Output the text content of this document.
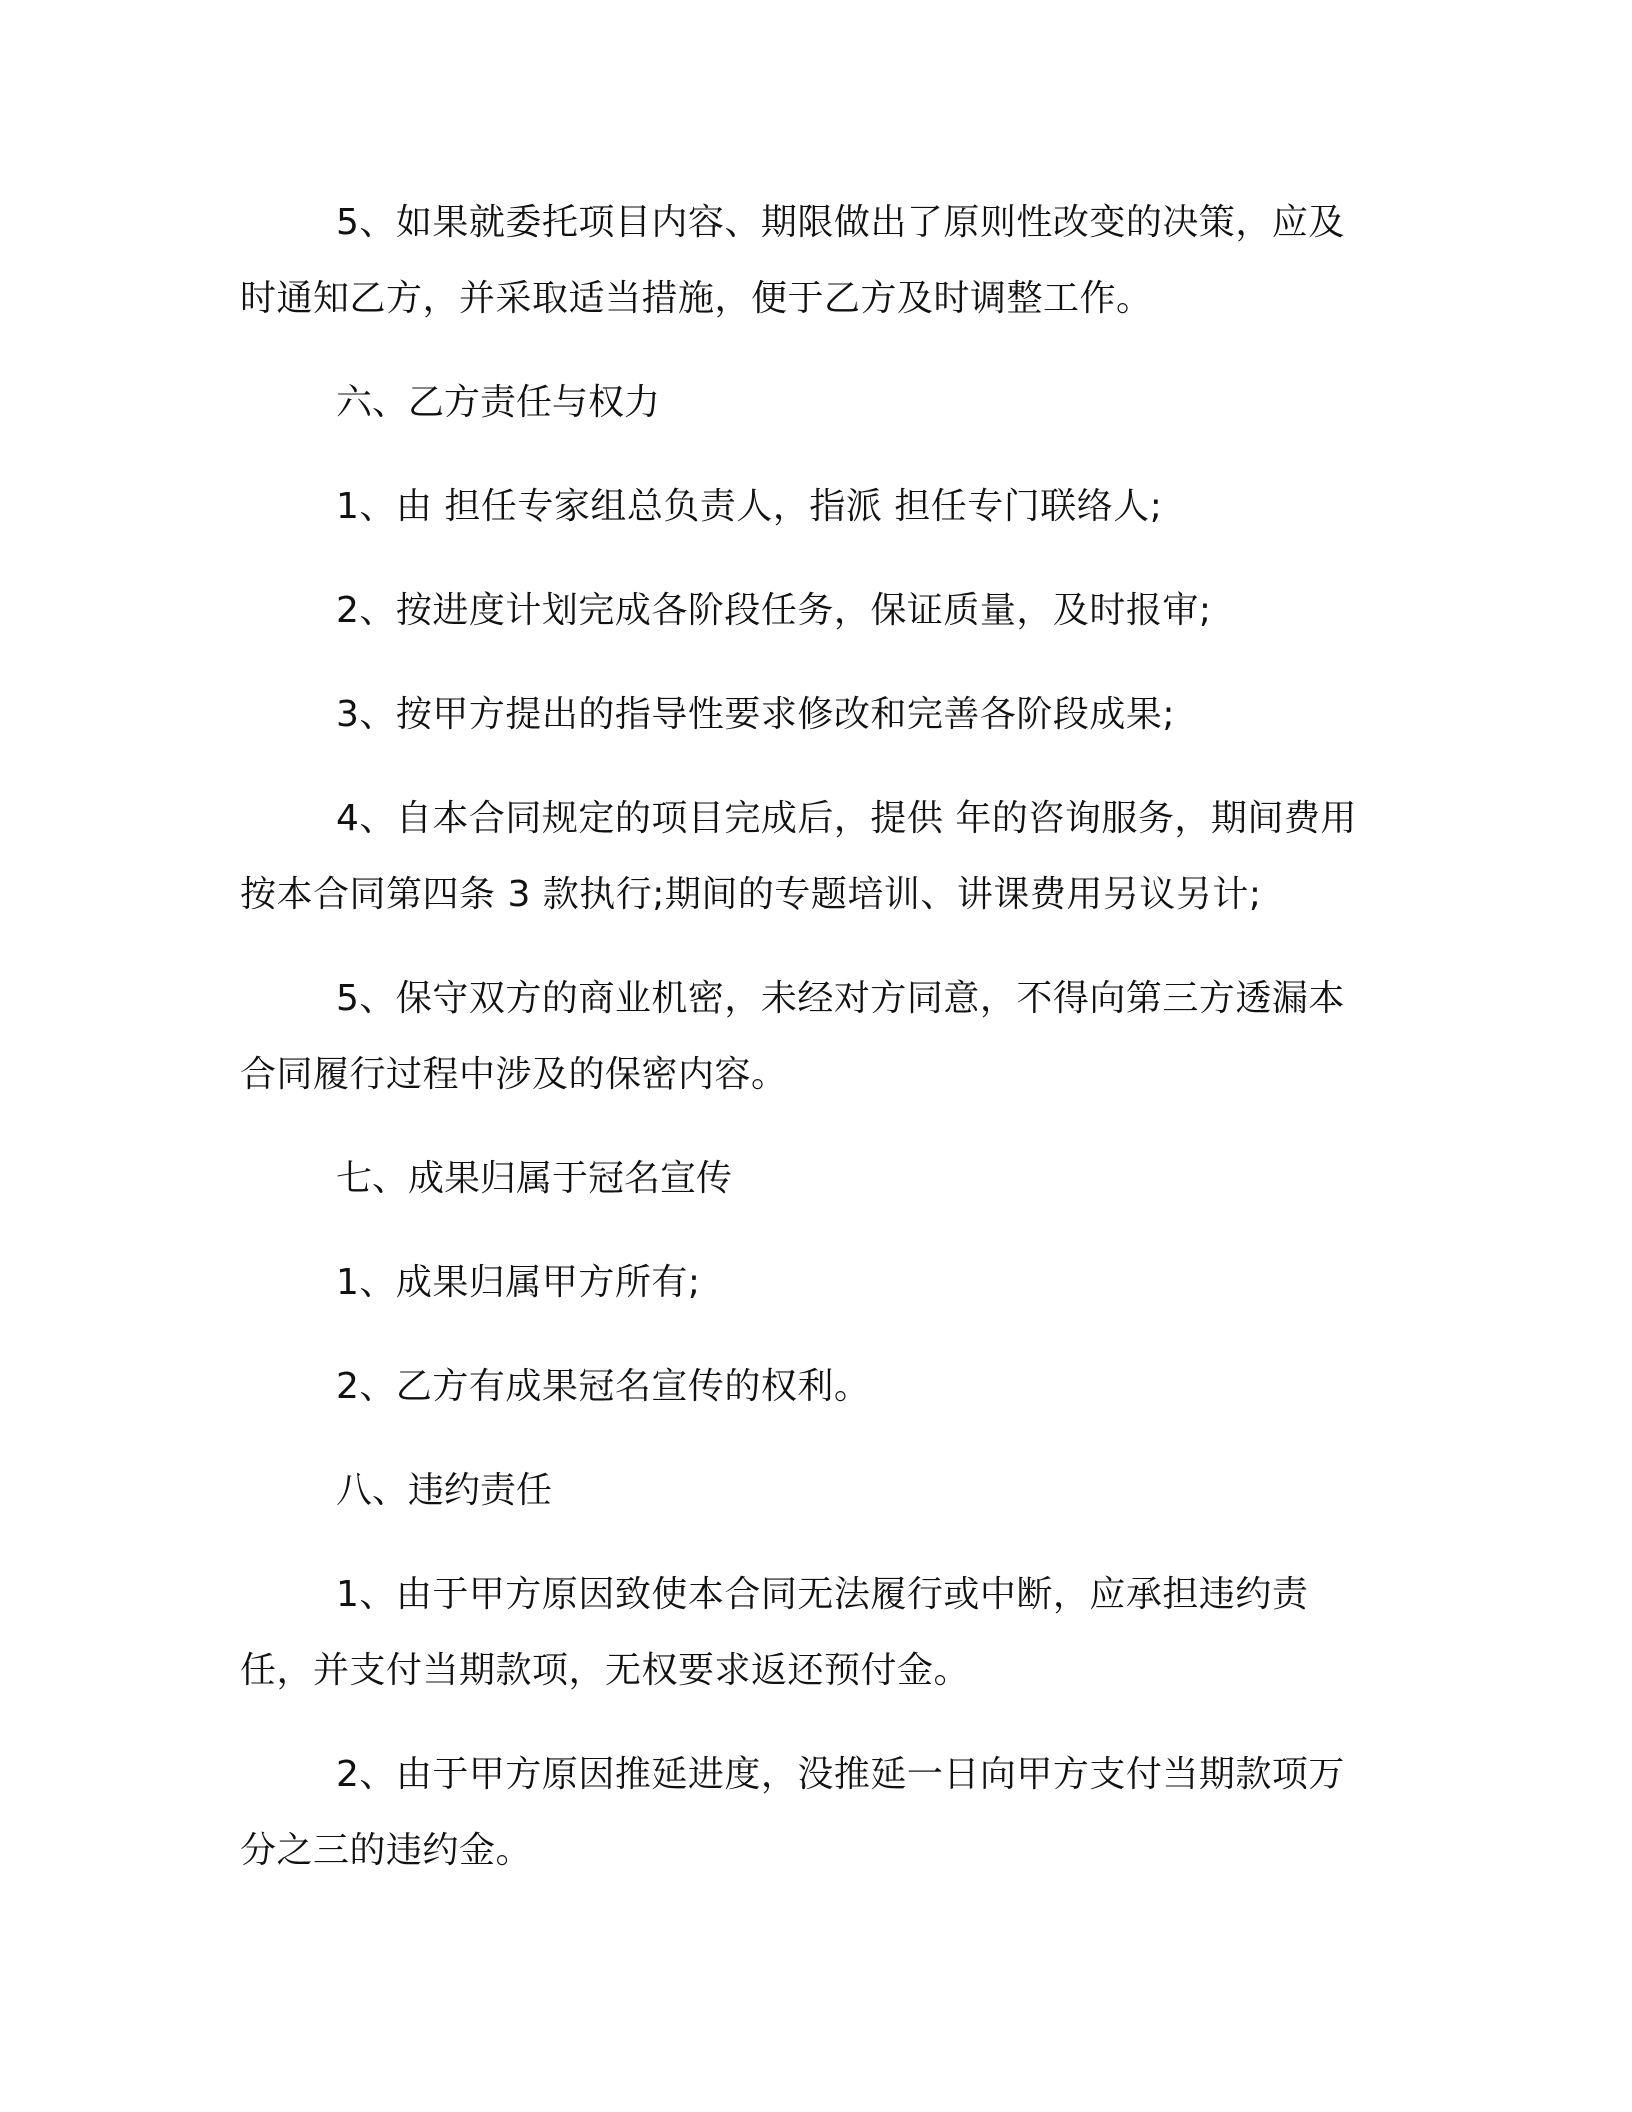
5、如果就委托项目内容、期限做出了原则性改变的决策，应及时通知乙方，并采取适当措施，便于乙方及时调整工作。

六、乙方责任与权力

1、由 担任专家组总负责人，指派 担任专门联络人;

2、按进度计划完成各阶段任务，保证质量，及时报审;

3、按甲方提出的指导性要求修改和完善各阶段成果;

4、自本合同规定的项目完成后，提供 年的咨询服务，期间费用按本合同第四条 3 款执行;期间的专题培训、讲课费用另议另计;

5、保守双方的商业机密，未经对方同意，不得向第三方透漏本合同履行过程中涉及的保密内容。

七、成果归属于冠名宣传

1、成果归属甲方所有;

2、乙方有成果冠名宣传的权利。

八、违约责任

1、由于甲方原因致使本合同无法履行或中断，应承担违约责任，并支付当期款项，无权要求返还预付金。

2、由于甲方原因推延进度，没推延一日向甲方支付当期款项万分之三的违约金。
